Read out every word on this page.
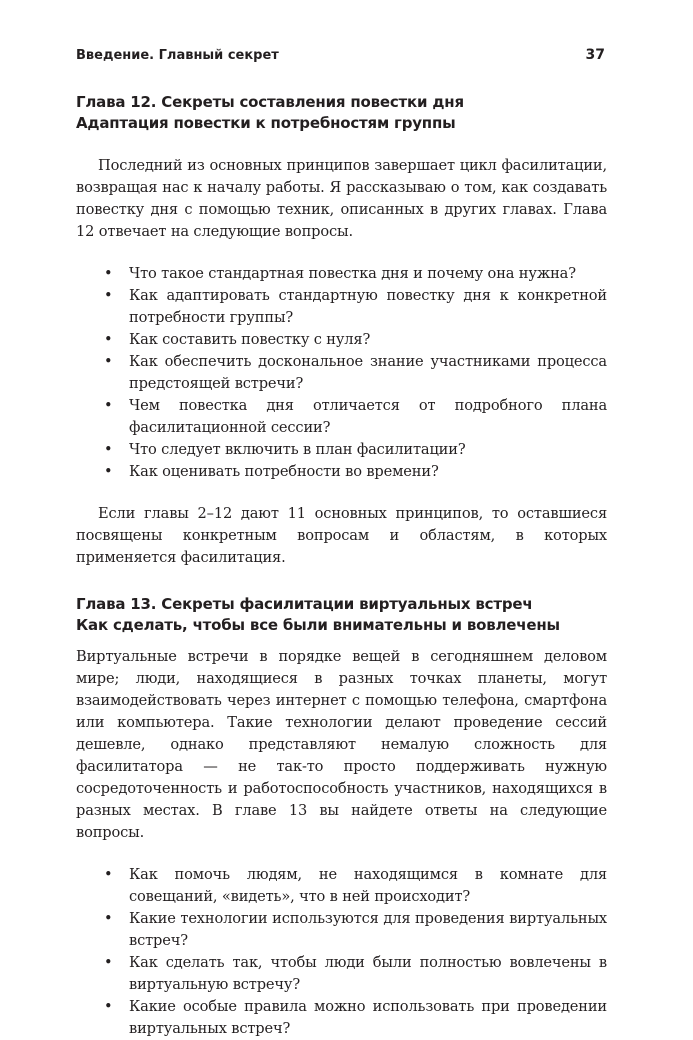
Введение. Главный секрет	37
Глава 12. Секреты составления повестки дня
Адаптация повестки к потребностям группы

Последний из основных принципов завершает цикл фасилитации, возвращая нас к началу работы. Я рассказываю о том, как создавать повестку дня с помощью техник, описанных в других главах. Глава 12 отвечает на следующие вопросы.

• Что такое стандартная повестка дня и почему она нужна?
• Как адаптировать стандартную повестку дня к конкретной потребности группы?
• Как составить повестку с нуля?
• Как обеспечить доскональное знание участниками процесса предстоящей встречи?
• Чем повестка дня отличается от подробного плана фасилитационной сессии?
• Что следует включить в план фасилитации?
• Как оценивать потребности во времени?

Если главы 2–12 дают 11 основных принципов, то оставшиеся посвящены конкретным вопросам и областям, в которых применяется фасилитация.

Глава 13. Секреты фасилитации виртуальных встреч
Как сделать, чтобы все были внимательны и вовлечены

Виртуальные встречи в порядке вещей в сегодняшнем деловом мире; люди, находящиеся в разных точках планеты, могут взаимодействовать через интернет с помощью телефона, смартфона или компьютера. Такие технологии делают проведение сессий дешевле, однако представляют немалую сложность для фасилитатора — не так-то просто поддерживать нужную сосредоточенность и работоспособность участников, находящихся в разных местах. В главе 13 вы найдете ответы на следующие вопросы.

• Как помочь людям, не находящимся в комнате для совещаний, «видеть», что в ней происходит?
• Какие технологии используются для проведения виртуальных встреч?
• Как сделать так, чтобы люди были полностью вовлечены в виртуальную встречу?
• Какие особые правила можно использовать при проведении виртуальных встреч?
